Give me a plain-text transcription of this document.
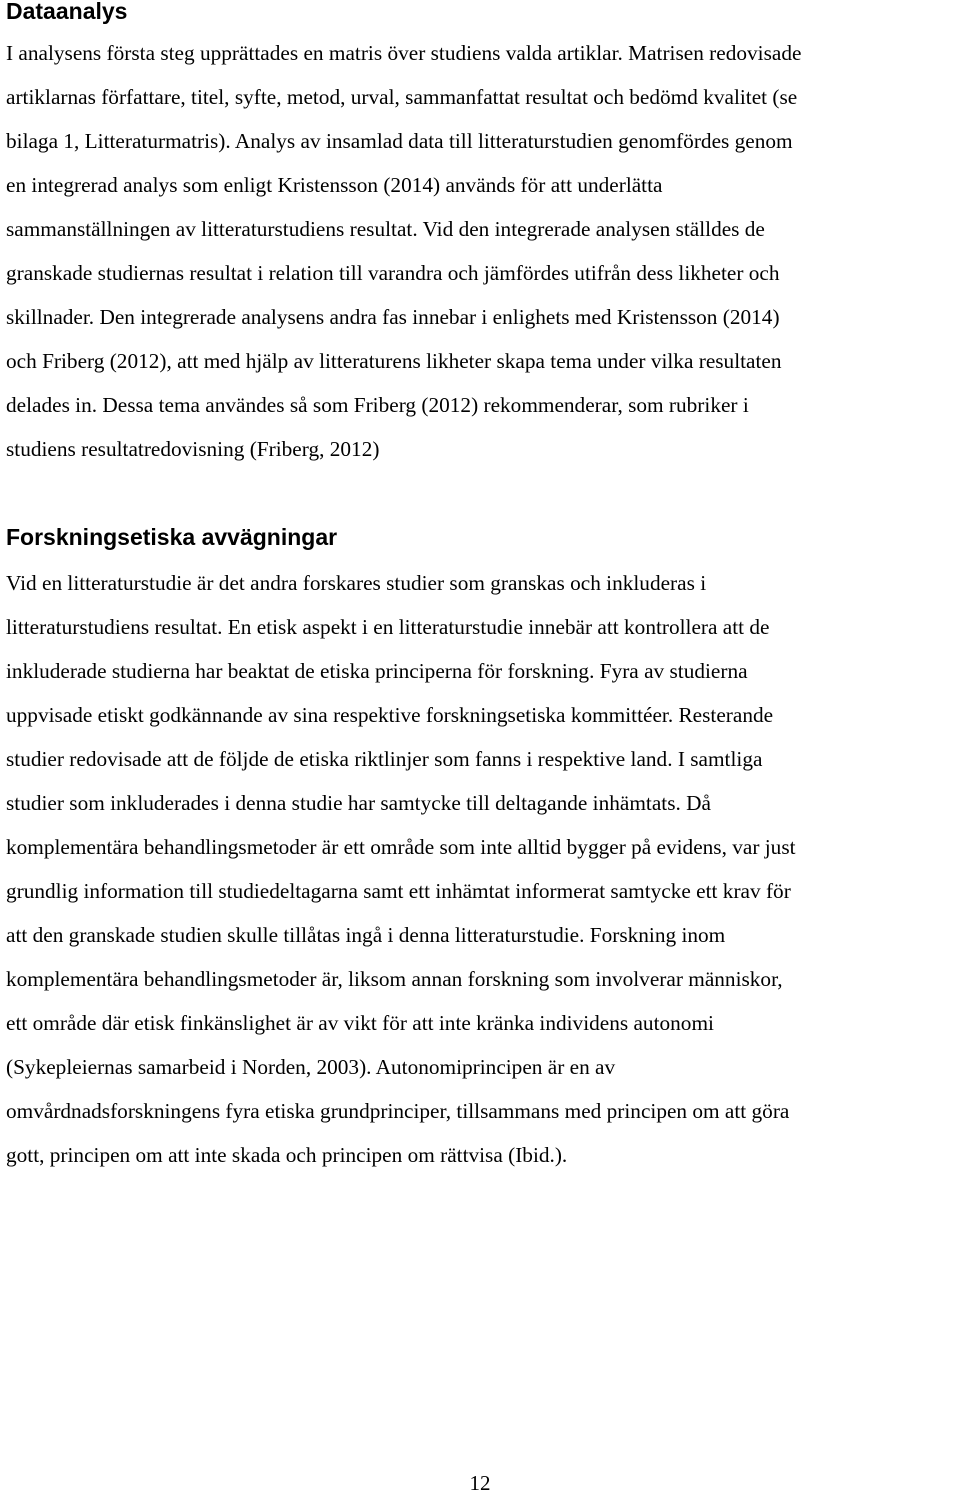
Dataanalys

I analysens första steg upprättades en matris över studiens valda artiklar. Matrisen redovisade
artiklarnas författare, titel, syfte, metod, urval, sammanfattat resultat och bedömd kvalitet (se
bilaga 1, Litteraturmatris). Analys av insamlad data till litteraturstudien genomfördes genom
en integrerad analys som enligt Kristensson (2014) används för att underlätta
sammanställningen av litteraturstudiens resultat. Vid den integrerade analysen ställdes de
granskade studiernas resultat i relation till varandra och jämfördes utifrån dess likheter och
skillnader. Den integrerade analysens andra fas innebar i enlighets med Kristensson (2014)
och Friberg (2012), att med hjälp av litteraturens likheter skapa tema under vilka resultaten
delades in. Dessa tema användes så som Friberg (2012) rekommenderar, som rubriker i
studiens resultatredovisning (Friberg, 2012)

Forskningsetiska avvägningar

Vid en litteraturstudie är det andra forskares studier som granskas och inkluderas i
litteraturstudiens resultat. En etisk aspekt i en litteraturstudie innebär att kontrollera att de
inkluderade studierna har beaktat de etiska principerna för forskning. Fyra av studierna
uppvisade etiskt godkännande av sina respektive forskningsetiska kommittéer. Resterande
studier redovisade att de följde de etiska riktlinjer som fanns i respektive land. I samtliga
studier som inkluderades i denna studie har samtycke till deltagande inhämtats. Då
komplementära behandlingsmetoder är ett område som inte alltid bygger på evidens, var just
grundlig information till studiedeltagarna samt ett inhämtat informerat samtycke ett krav för
att den granskade studien skulle tillåtas ingå i denna litteraturstudie. Forskning inom
komplementära behandlingsmetoder är, liksom annan forskning som involverar människor,
ett område där etisk finkänslighet är av vikt för att inte kränka individens autonomi
(Sykepleiernas samarbeid i Norden, 2003). Autonomiprincipen är en av
omvårdnadsforskningens fyra etiska grundprinciper, tillsammans med principen om att göra
gott, principen om att inte skada och principen om rättvisa (Ibid.).

12
